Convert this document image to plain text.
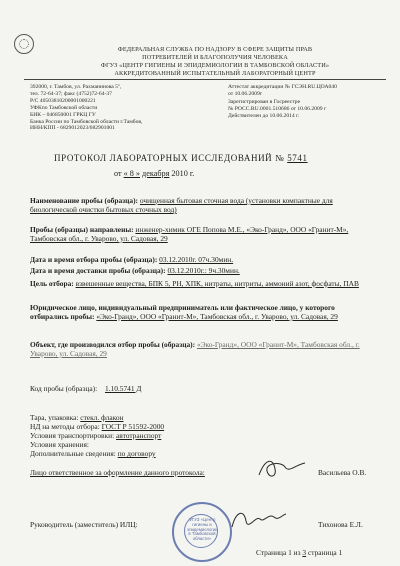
ФЕДЕРАЛЬНАЯ СЛУЖБА ПО НАДЗОРУ В СФЕРЕ ЗАЩИТЫ ПРАВ
ПОТРЕБИТЕЛЕЙ И БЛАГОПОЛУЧИЯ ЧЕЛОВЕКА
ФГУЗ «ЦЕНТР ГИГИЕНЫ И ЭПИДЕМИОЛОГИИ В ТАМБОВСКОЙ ОБЛАСТИ»
АККРЕДИТОВАННЫЙ ИСПЫТАТЕЛЬНЫЙ ЛАБОРАТОРНЫЙ ЦЕНТР
392000, г. Тамбов, ул. Рахманинова 5º,
тел. 72-64-37; факс (4752)72-64-37
Р/С 40503810200001000221
УФКпо Тамбовской области
БИК – 046850001 ГРКЦ ГУ
Банка России по Тамбовской области г.Тамбов,
ИНН/КПП - 6829012023/682901001
Аттестат аккредитации № ГСЭН.RU.ЦОА040
от 10.06.2009г
Зарегистрирован в Госреестре
№ РОСС.RU.0001.510686 от 10.06.2009 г
Действителен до 10.06.2014 г.
ПРОТОКОЛ ЛАБОРАТОРНЫХ ИССЛЕДОВАНИЙ № 5741
от « 8 » декабря 2010 г.
Наименование пробы (образца): очищенная бытовая сточная вода (установки компактные для биологической очистки бытовых сточных вод)
Пробы (образцы) направлены: инженер-химик ОГЕ Попова М.Е., «Эко-Гранд», ООО «Гранит-М», Тамбовская обл., г. Уварово, ул. Садовая, 29
Дата и время отбора пробы (образца): 03.12.2010г. 07ч.30мин.
Дата и время доставки пробы (образца): 03.12.2010г.: 9ч.30мин.
Цель отбора: взвешенные вещества, БПК 5, РН, ХПК, нитраты, нитриты, аммоний азот, фосфаты, ПАВ
Юридическое лицо, индивидуальный предприниматель или фактическое лицо, у которого отбирались пробы: «Эко-Гранд», ООО «Гранит-М», Тамбовская обл., г. Уварово, ул. Садовая, 29
Объект, где производился отбор пробы (образца): «Эко-Гранд», ООО «Гранит-М», Тамбовская обл., г. Уварово, ул. Садовая, 29
Код пробы (образца): 1.10.5741 Д
Тара, упаковка: стекл. флакон
НД на методы отбора: ГОСТ Р 51592-2000
Условия транспортировки: автотранспорт
Условия хранения:
Дополнительные сведения: по договору
Лицо ответственное за оформление данного протокола:	Васильева О.В.
Руководитель (заместитель) ИЛЦ:	Тихонова Е.Л.
ФГУЗ «Центр гигиены и эпидемиологии в Тамбовской области»
Страница 1 из 3 страница 1
